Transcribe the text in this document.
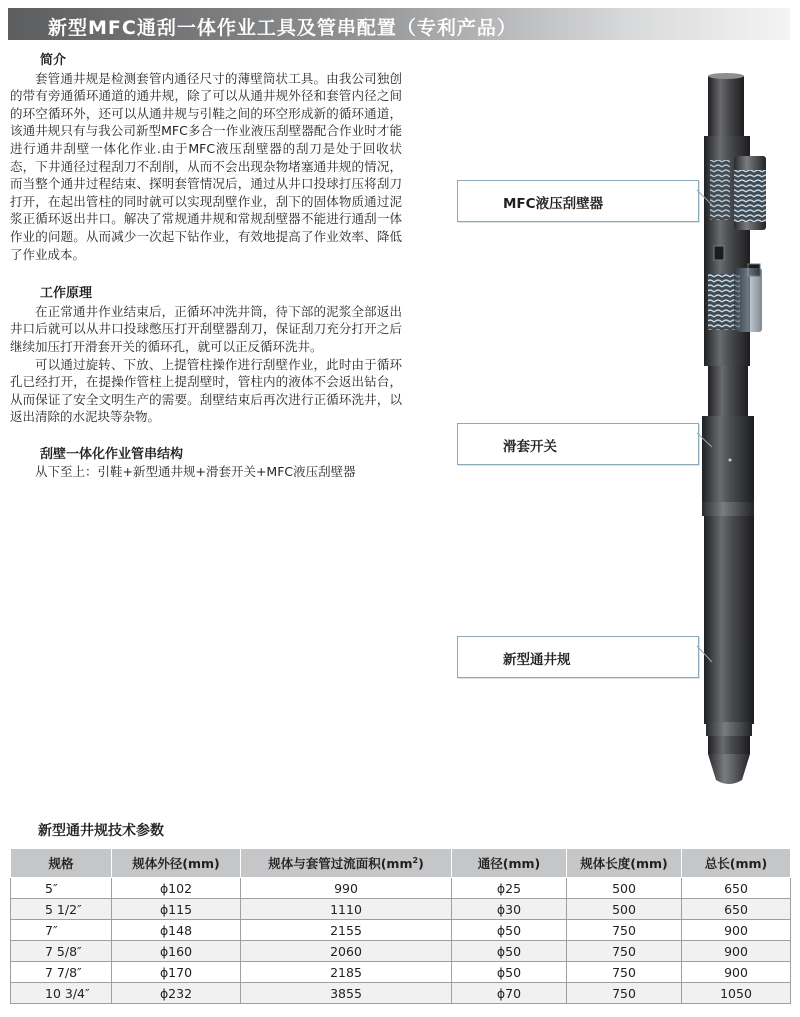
新型MFC通刮一体作业工具及管串配置（专利产品）

简介

套管通井规是检测套管内通径尺寸的薄壁筒状工具。由我公司独创的带有旁通循环通道的通井规，除了可以从通井规外径和套管内径之间的环空循环外，还可以从通井规与引鞋之间的环空形成新的循环通道，该通井规只有与我公司新型MFC多合一作业液压刮壁器配合作业时才能进行通井刮壁一体化作业.由于MFC液压刮壁器的刮刀是处于回收状态，下井通径过程刮刀不刮削，从而不会出现杂物堵塞通井规的情况，而当整个通井过程结束、探明套管情况后，通过从井口投球打压将刮刀打开，在起出管柱的同时就可以实现刮壁作业，刮下的固体物质通过泥浆正循环返出井口。解决了常规通井规和常规刮壁器不能进行通刮一体作业的问题。从而减少一次起下钻作业，有效地提高了作业效率、降低了作业成本。

工作原理

在正常通井作业结束后，正循环冲洗井筒，待下部的泥浆全部返出井口后就可以从井口投球憋压打开刮壁器刮刀，保证刮刀充分打开之后继续加压打开滑套开关的循环孔，就可以正反循环洗井。

可以通过旋转、下放、上提管柱操作进行刮壁作业，此时由于循环孔已经打开，在提操作管柱上提刮壁时，管柱内的液体不会返出钻台，从而保证了安全文明生产的需要。刮壁结束后再次进行正循环洗井，以返出清除的水泥块等杂物。

刮壁一体化作业管串结构

从下至上：引鞋+新型通井规+滑套开关+MFC液压刮壁器

MFC液压刮壁器
滑套开关
新型通井规
新型通井规技术参数
规格	规体外径(mm)	规体与套管过流面积$(mm^2)$	通径(mm)	规体长度(mm)	总长(mm)
5″	ϕ102	990	ϕ25	500	650
5 1/2″	ϕ115	1110	ϕ30	500	650
7″	ϕ148	2155	ϕ50	750	900
7 5/8″	ϕ160	2060	ϕ50	750	900
7 7/8″	ϕ170	2185	ϕ50	750	900
10 3/4″	ϕ232	3855	ϕ70	750	1050
